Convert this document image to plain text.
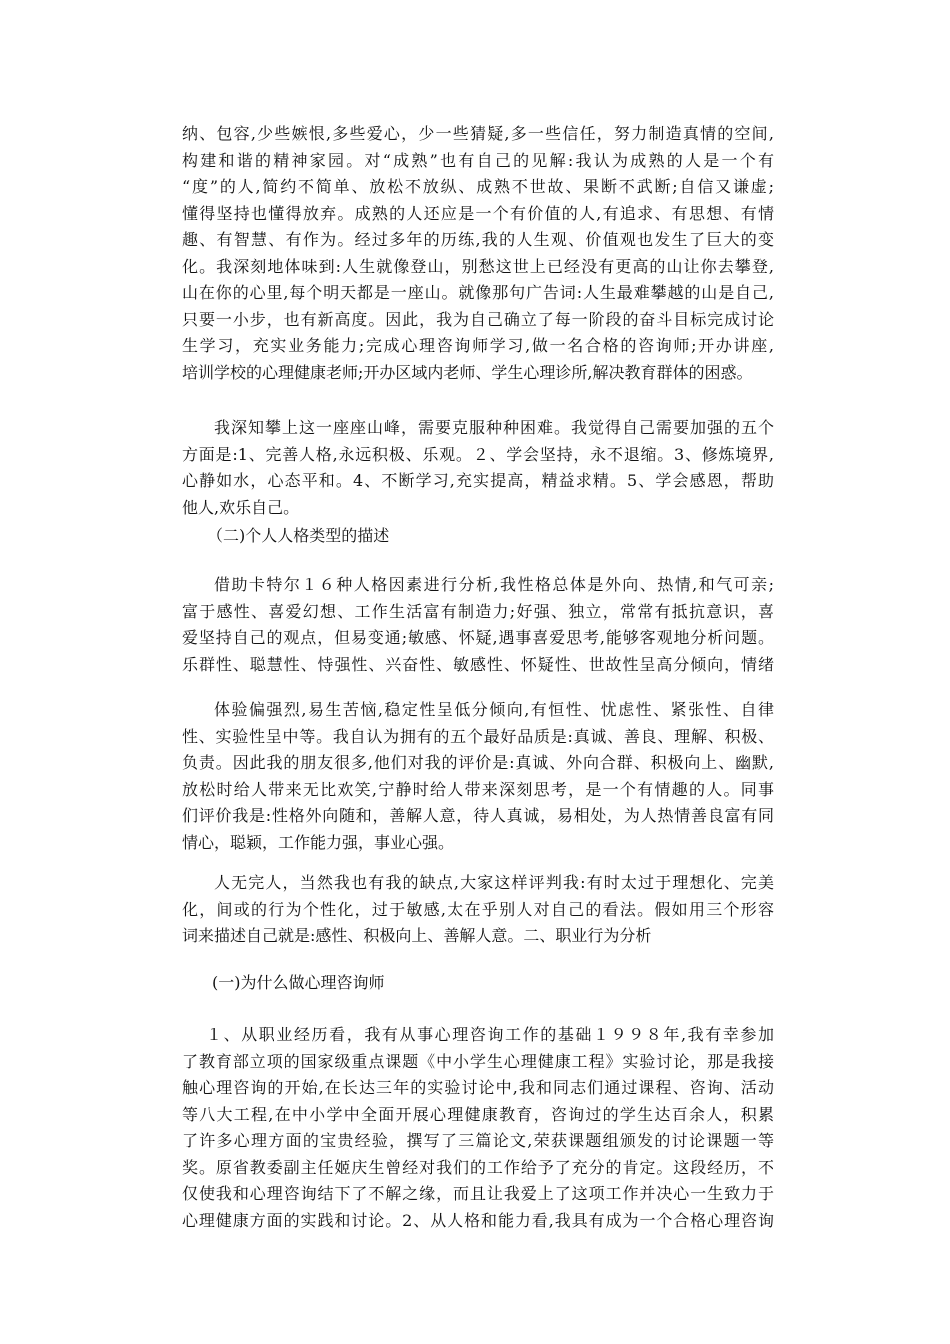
纳、包容,少些嫉恨,多些爱心，少一些猜疑,多一些信任，努力制造真情的空间,
构建和谐的精神家园。对“成熟”也有自己的见解:我认为成熟的人是一个有
“度”的人,简约不简单、放松不放纵、成熟不世故、果断不武断;自信又谦虚;
懂得坚持也懂得放弃。成熟的人还应是一个有价值的人,有追求、有思想、有情
趣、有智慧、有作为。经过多年的历练,我的人生观、价值观也发生了巨大的变
化。我深刻地体味到:人生就像登山，别愁这世上已经没有更高的山让你去攀登,
山在你的心里,每个明天都是一座山。就像那句广告词:人生最难攀越的山是自己,
只要一小步，也有新高度。因此，我为自己确立了每一阶段的奋斗目标完成讨论
生学习，充实业务能力;完成心理咨询师学习,做一名合格的咨询师;开办讲座,
培训学校的心理健康老师;开办区域内老师、学生心理诊所,解决教育群体的困惑。
我深知攀上这一座座山峰，需要克服种种困难。我觉得自己需要加强的五个
方面是:1、完善人格,永远积极、乐观。２、学会坚持，永不退缩。3、修炼境界,
心静如水，心态平和。4、不断学习,充实提高，精益求精。5、学会感恩，帮助
他人,欢乐自己。
（二)个人人格类型的描述
借助卡特尔１６种人格因素进行分析,我性格总体是外向、热情,和气可亲;
富于感性、喜爱幻想、工作生活富有制造力;好强、独立，常常有抵抗意识，喜
爱坚持自己的观点，但易变通;敏感、怀疑,遇事喜爱思考,能够客观地分析问题。
乐群性、聪慧性、恃强性、兴奋性、敏感性、怀疑性、世故性呈高分倾向，情绪
体验偏强烈,易生苦恼,稳定性呈低分倾向,有恒性、忧虑性、紧张性、自律
性、实验性呈中等。我自认为拥有的五个最好品质是:真诚、善良、理解、积极、
负责。因此我的朋友很多,他们对我的评价是:真诚、外向合群、积极向上、幽默,
放松时给人带来无比欢笑,宁静时给人带来深刻思考，是一个有情趣的人。同事
们评价我是:性格外向随和，善解人意，待人真诚，易相处，为人热情善良富有同
情心，聪颖，工作能力强，事业心强。
人无完人，当然我也有我的缺点,大家这样评判我:有时太过于理想化、完美
化，间或的行为个性化，过于敏感,太在乎别人对自己的看法。假如用三个形容
词来描述自己就是:感性、积极向上、善解人意。二、职业行为分析
(一)为什么做心理咨询师
１、从职业经历看，我有从事心理咨询工作的基础１９９８年,我有幸参加
了教育部立项的国家级重点课题《中小学生心理健康工程》实验讨论，那是我接
触心理咨询的开始,在长达三年的实验讨论中,我和同志们通过课程、咨询、活动
等八大工程,在中小学中全面开展心理健康教育，咨询过的学生达百余人，积累
了许多心理方面的宝贵经验，撰写了三篇论文,荣获课题组颁发的讨论课题一等
奖。原省教委副主任姬庆生曾经对我们的工作给予了充分的肯定。这段经历，不
仅使我和心理咨询结下了不解之缘，而且让我爱上了这项工作并决心一生致力于
心理健康方面的实践和讨论。2、从人格和能力看,我具有成为一个合格心理咨询
